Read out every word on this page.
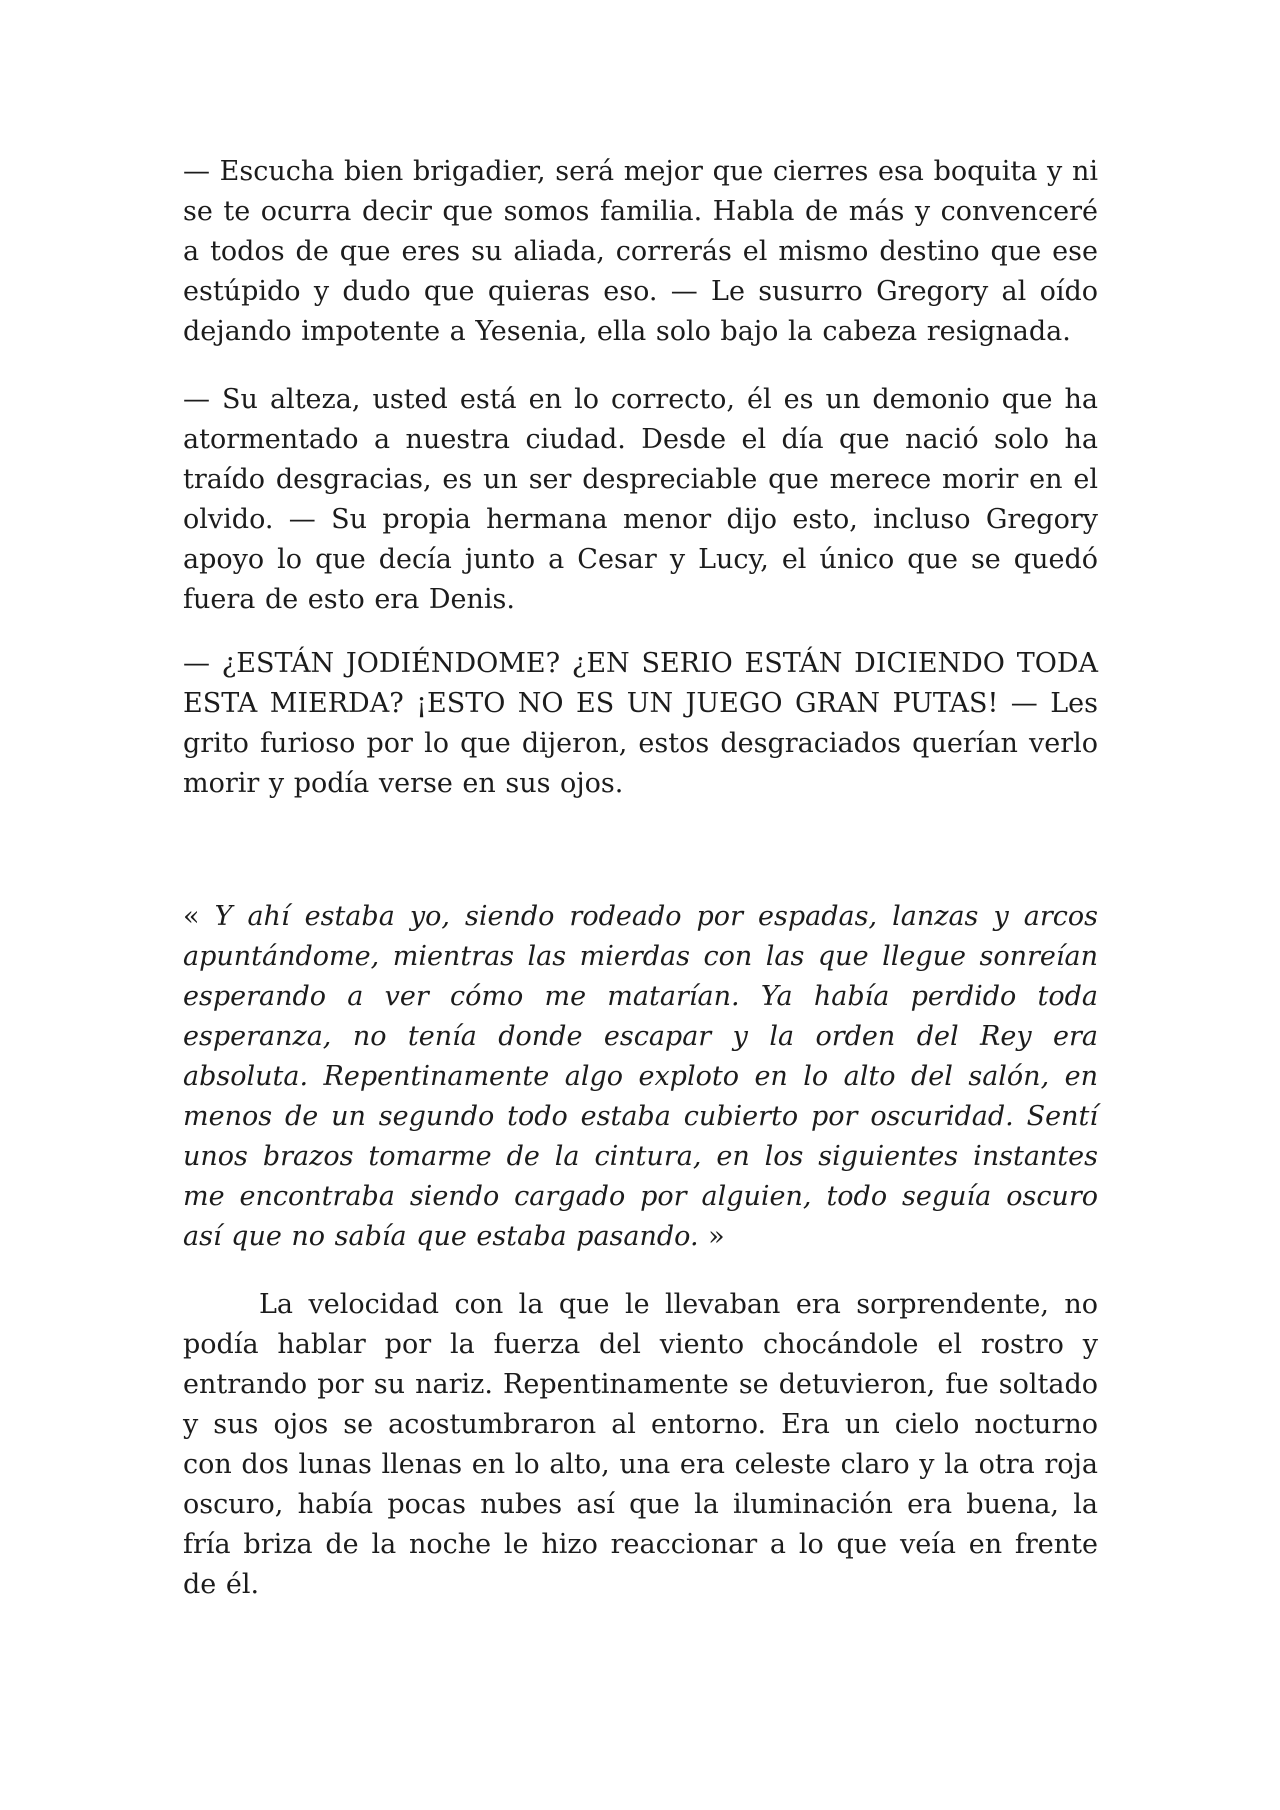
— Escucha bien brigadier, será mejor que cierres esa boquita y ni se te ocurra decir que somos familia. Habla de más y convenceré a todos de que eres su aliada, correrás el mismo destino que ese estúpido y dudo que quieras eso. — Le susurro Gregory al oído dejando impotente a Yesenia, ella solo bajo la cabeza resignada.

— Su alteza, usted está en lo correcto, él es un demonio que ha atormentado a nuestra ciudad. Desde el día que nació solo ha traído desgracias, es un ser despreciable que merece morir en el olvido. — Su propia hermana menor dijo esto, incluso Gregory apoyo lo que decía junto a Cesar y Lucy, el único que se quedó fuera de esto era Denis.

— ¿ESTÁN JODIÉNDOME? ¿EN SERIO ESTÁN DICIENDO TODA ESTA MIERDA? ¡ESTO NO ES UN JUEGO GRAN PUTAS! — Les grito furioso por lo que dijeron, estos desgraciados querían verlo morir y podía verse en sus ojos.

« Y ahí estaba yo, siendo rodeado por espadas, lanzas y arcos apuntándome, mientras las mierdas con las que llegue sonreían esperando a ver cómo me matarían. Ya había perdido toda esperanza, no tenía donde escapar y la orden del Rey era absoluta. Repentinamente algo exploto en lo alto del salón, en menos de un segundo todo estaba cubierto por oscuridad. Sentí unos brazos tomarme de la cintura, en los siguientes instantes me encontraba siendo cargado por alguien, todo seguía oscuro así que no sabía que estaba pasando. »

La velocidad con la que le llevaban era sorprendente, no podía hablar por la fuerza del viento chocándole el rostro y entrando por su nariz. Repentinamente se detuvieron, fue soltado y sus ojos se acostumbraron al entorno. Era un cielo nocturno con dos lunas llenas en lo alto, una era celeste claro y la otra roja oscuro, había pocas nubes así que la iluminación era buena, la fría briza de la noche le hizo reaccionar a lo que veía en frente de él.
